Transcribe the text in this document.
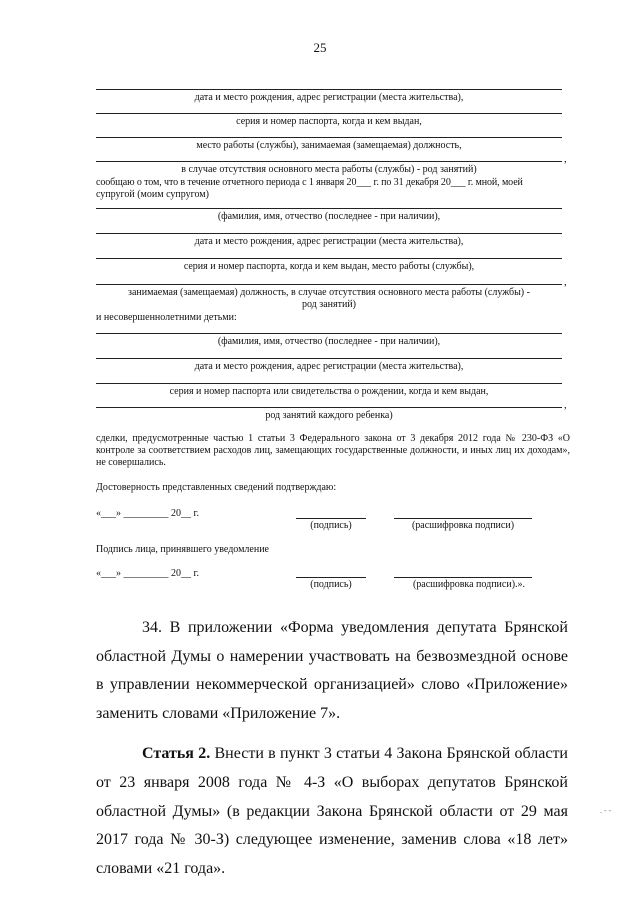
25
дата и место рождения, адрес регистрации (места жительства),
серия и номер паспорта, когда и кем выдан,
место работы (службы), занимаемая (замещаемая) должность,
,
в случае отсутствия основного места работы (службы) - род занятий)
сообщаю о том, что в течение отчетного периода с 1 января 20___ г. по 31 декабря 20___ г. мной, моей
супругой (моим супругом)
(фамилия, имя, отчество (последнее - при наличии),
дата и место рождения, адрес регистрации (места жительства),
серия и номер паспорта, когда и кем выдан, место работы (службы),
,
занимаемая (замещаемая) должность, в случае отсутствия основного места работы (службы) -
род занятий)
и несовершеннолетними детьми:
(фамилия, имя, отчество (последнее - при наличии),
дата и место рождения, адрес регистрации (места жительства),
серия и номер паспорта или свидетельства о рождении, когда и кем выдан,
,
род занятий каждого ребенка)
сделки, предусмотренные частью 1 статьи 3 Федерального закона от 3 декабря 2012 года № 230-ФЗ «О контроле за соответствием расходов лиц, замещающих государственные должности, и иных лиц их доходам», не совершались.
Достоверность представленных сведений подтверждаю:
«___» _________ 20__ г.
(подпись)	(расшифровка подписи)
Подпись лица, принявшего уведомление
«___» _________ 20__ г.
(подпись)	(расшифровка подписи).».

34. В приложении «Форма уведомления депутата Брянской областной Думы о намерении участвовать на безвозмездной основе в управлении некоммерческой организацией» слово «Приложение» заменить словами «Приложение 7».

Статья 2. Внести в пункт 3 статьи 4 Закона Брянской области от 23 января 2008 года № 4-З «О выборах депутатов Брянской областной Думы» (в редакции Закона Брянской области от 29 мая 2017 года № 30-З) следующее изменение, заменив слова «18 лет» словами «21 года».

. - -
